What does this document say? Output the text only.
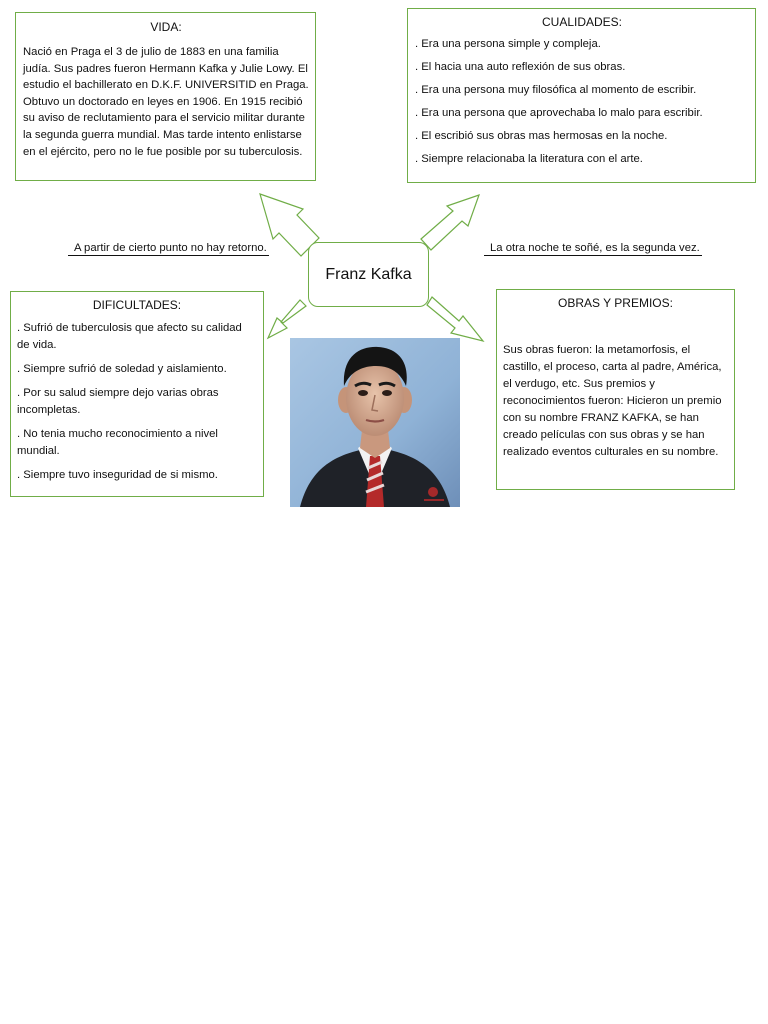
VIDA:

Nació en Praga el 3 de julio de 1883 en una familia judía. Sus padres fueron Hermann Kafka y Julie Lowy. El estudio el bachillerato en D.K.F. UNIVERSITID en Praga. Obtuvo un doctorado en leyes en 1906. En 1915 recibió su aviso de reclutamiento para el servicio militar durante la segunda guerra mundial. Mas tarde intento enlistarse en el ejército, pero no le fue posible por su tuberculosis.

CUALIDADES:

. Era una persona simple y compleja.

. El hacia una auto reflexión de sus obras.

. Era una persona muy filosófica al momento de escribir.

. Era una persona que aprovechaba lo malo para escribir.

. El escribió sus obras mas hermosas en la noche.

. Siempre relacionaba la literatura con el arte.

A partir de cierto punto no hay retorno.	La otra noche te soñé, es la segunda vez.
Franz Kafka
DIFICULTADES:

. Sufrió de tuberculosis que afecto su calidad de vida.

. Siempre sufrió de soledad y aislamiento.

. Por su salud siempre dejo varias obras incompletas.

. No tenia mucho reconocimiento a nivel mundial.

. Siempre tuvo inseguridad de si mismo.

OBRAS Y PREMIOS:

Sus obras fueron: la metamorfosis, el castillo, el proceso, carta al padre, América, el verdugo, etc. Sus premios y reconocimientos fueron: Hicieron un premio con su nombre FRANZ KAFKA, se han creado películas con sus obras y se han realizado eventos culturales en su nombre.
